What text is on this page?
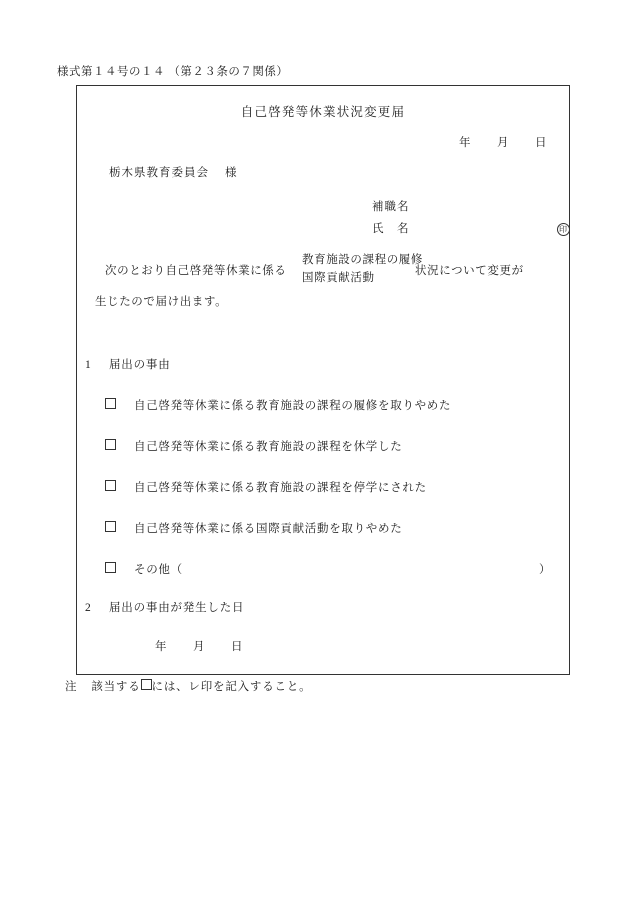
様式第１４号の１４ （第２３条の７関係）
自己啓発等休業状況変更届
年 月 日
栃木県教育委員会 様
補職名
氏　名	印
次のとおり自己啓発等休業に係る
教育施設の課程の履修
国際貢献活動
状況について変更が
生じたので届け出ます。
1 届出の事由
自己啓発等休業に係る教育施設の課程の履修を取りやめた
自己啓発等休業に係る教育施設の課程を休学した
自己啓発等休業に係る教育施設の課程を停学にされた
自己啓発等休業に係る国際貢献活動を取りやめた
その他（	）
2 届出の事由が発生した日
年 月 日
注 該当する には、レ印を記入すること。
